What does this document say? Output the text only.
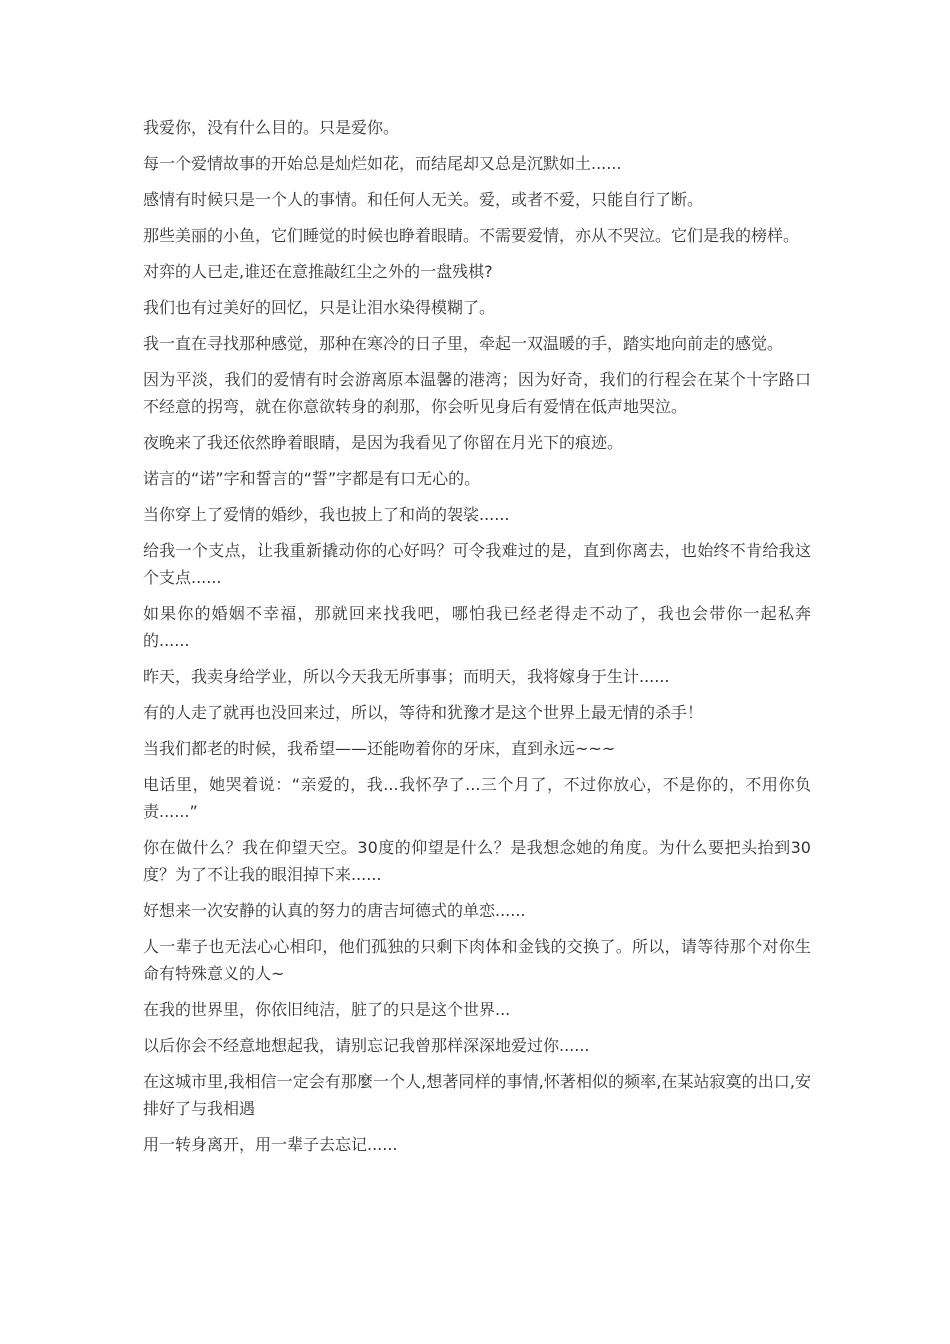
我爱你，没有什么目的。只是爱你。

每一个爱情故事的开始总是灿烂如花，而结尾却又总是沉默如土......

感情有时候只是一个人的事情。和任何人无关。爱，或者不爱，只能自行了断。

那些美丽的小鱼，它们睡觉的时候也睁着眼睛。不需要爱情，亦从不哭泣。它们是我的榜样。

对弈的人已走,谁还在意推敲红尘之外的一盘残棋?

我们也有过美好的回忆，只是让泪水染得模糊了。

我一直在寻找那种感觉，那种在寒冷的日子里，牵起一双温暖的手，踏实地向前走的感觉。

因为平淡，我们的爱情有时会游离原本温馨的港湾；因为好奇，我们的行程会在某个十字路口不经意的拐弯，就在你意欲转身的刹那，你会听见身后有爱情在低声地哭泣。

夜晚来了我还依然睁着眼睛，是因为我看见了你留在月光下的痕迹。

诺言的“诺”字和誓言的“誓”字都是有口无心的。

当你穿上了爱情的婚纱，我也披上了和尚的袈裟......

给我一个支点，让我重新撬动你的心好吗？可令我难过的是，直到你离去，也始终不肯给我这个支点......

如果你的婚姻不幸福，那就回来找我吧，哪怕我已经老得走不动了，我也会带你一起私奔的......

昨天，我卖身给学业，所以今天我无所事事；而明天，我将嫁身于生计......

有的人走了就再也没回来过，所以，等待和犹豫才是这个世界上最无情的杀手！

当我们都老的时候，我希望——还能吻着你的牙床，直到永远~~~

电话里，她哭着说：“亲爱的，我...我怀孕了...三个月了，不过你放心，不是你的，不用你负责......”

你在做什么？我在仰望天空。30度的仰望是什么？是我想念她的角度。为什么要把头抬到30度？为了不让我的眼泪掉下来......

好想来一次安静的认真的努力的唐吉坷德式的单恋......

人一辈子也无法心心相印，他们孤独的只剩下肉体和金钱的交换了。所以，请等待那个对你生命有特殊意义的人~

在我的世界里，你依旧纯洁，脏了的只是这个世界...

以后你会不经意地想起我，请别忘记我曾那样深深地爱过你......

在这城市里,我相信一定会有那麼一个人,想著同样的事情,怀著相似的频率,在某站寂寞的出口,安排好了与我相遇

用一转身离开，用一辈子去忘记......
